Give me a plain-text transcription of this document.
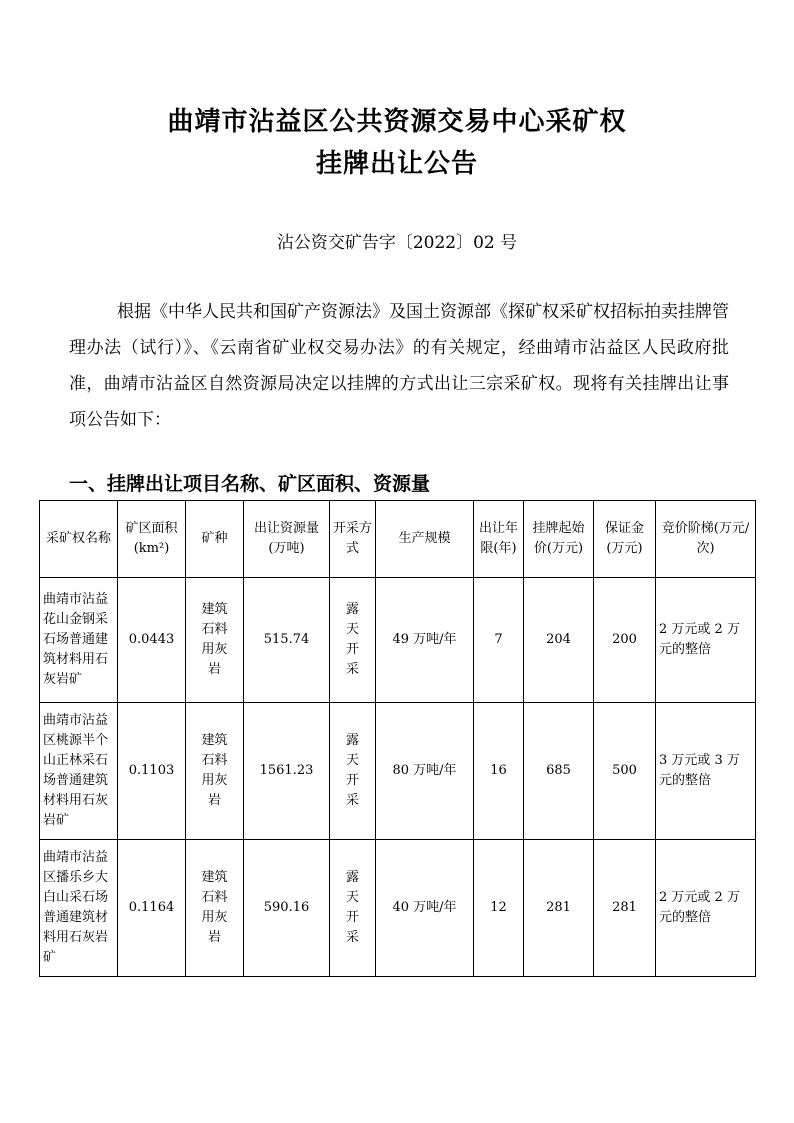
曲靖市沾益区公共资源交易中心采矿权
挂牌出让公告

沾公资交矿告字〔2022〕02 号

根据《中华人民共和国矿产资源法》及国土资源部《探矿权采矿权招标拍卖挂牌管理办法（试行）》、《云南省矿业权交易办法》的有关规定，经曲靖市沾益区人民政府批准，曲靖市沾益区自然资源局决定以挂牌的方式出让三宗采矿权。现将有关挂牌出让事项公告如下：

一、挂牌出让项目名称、矿区面积、资源量
采矿权名称	矿区面积(km²)	矿种	出让资源量(万吨)	开采方式	生产规模	出让年限(年)	挂牌起始价(万元)	保证金(万元)	竞价阶梯(万元/次)
曲靖市沾益花山金钢采石场普通建筑材料用石灰岩矿	0.0443	建筑石料用灰岩	515.74	露天开采	49 万吨/年	7	204	200	2 万元或 2 万元的整倍
曲靖市沾益区桃源半个山正林采石场普通建筑材料用石灰岩矿	0.1103	建筑石料用灰岩	1561.23	露天开采	80 万吨/年	16	685	500	3 万元或 3 万元的整倍
曲靖市沾益区播乐乡大白山采石场普通建筑材料用石灰岩矿	0.1164	建筑石料用灰岩	590.16	露天开采	40 万吨/年	12	281	281	2 万元或 2 万元的整倍
